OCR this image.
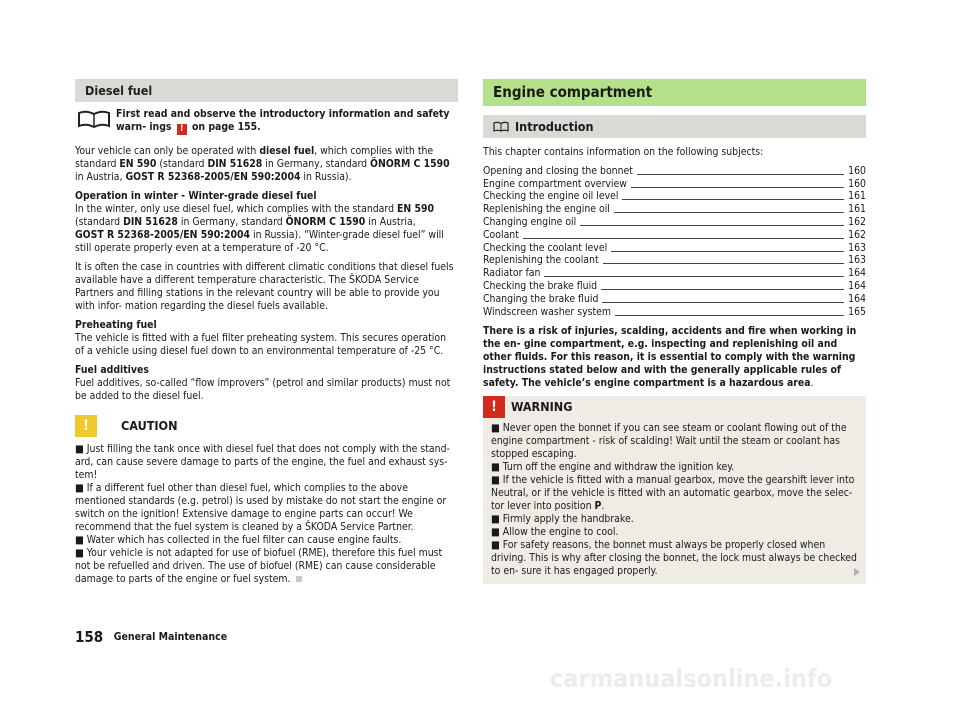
Diesel fuel
First read and observe the introductory information and safety warn- ings ! on page 155.

Your vehicle can only be operated with diesel fuel, which complies with the standard EN 590 (standard DIN 51628 in Germany, standard ÖNORM C 1590 in Austria, GOST R 52368-2005/EN 590:2004 in Russia).

Operation in winter - Winter-grade diesel fuel
In the winter, only use diesel fuel, which complies with the standard EN 590
(standard DIN 51628 in Germany, standard ÖNORM C 1590 in Austria,
GOST R 52368-2005/EN 590:2004 in Russia). “Winter-grade diesel fuel” will still operate properly even at a temperature of -20 °C.

It is often the case in countries with different climatic conditions that diesel fuels available have a different temperature characteristic. The ŠKODA Service Partners and filling stations in the relevant country will be able to provide you with infor- mation regarding the diesel fuels available.

Preheating fuel
The vehicle is fitted with a fuel filter preheating system. This secures operation of a vehicle using diesel fuel down to an environmental temperature of -25 °C.

Fuel additives
Fuel additives, so-called “flow improvers” (petrol and similar products) must not be added to the diesel fuel.

!	CAUTION
■ Just filling the tank once with diesel fuel that does not comply with the stand- ard, can cause severe damage to parts of the engine, the fuel and exhaust sys- tem!
■ If a different fuel other than diesel fuel, which complies to the above mentioned standards (e.g. petrol) is used by mistake do not start the engine or switch on the ignition! Extensive damage to engine parts can occur! We recommend that the fuel system is cleaned by a ŠKODA Service Partner.
■ Water which has collected in the fuel filter can cause engine faults.
■ Your vehicle is not adapted for use of biofuel (RME), therefore this fuel must not be refuelled and driven. The use of biofuel (RME) can cause considerable damage to parts of the engine or fuel system.
Engine compartment
Introduction

This chapter contains information on the following subjects:

Opening and closing the bonnet	160
Engine compartment overview	160
Checking the engine oil level	161
Replenishing the engine oil	161
Changing engine oil	162
Coolant	162
Checking the coolant level	163
Replenishing the coolant	163
Radiator fan	164
Checking the brake fluid	164
Changing the brake fluid	164
Windscreen washer system	165

There is a risk of injuries, scalding, accidents and fire when working in the en- gine compartment, e.g. inspecting and replenishing oil and other fluids. For this reason, it is essential to comply with the warning instructions stated below and with the generally applicable rules of safety. The vehicle’s engine compartment is a hazardous area.

!	WARNING
■ Never open the bonnet if you can see steam or coolant flowing out of the engine compartment - risk of scalding! Wait until the steam or coolant has stopped escaping.
■ Turn off the engine and withdraw the ignition key.
■ If the vehicle is fitted with a manual gearbox, move the gearshift lever into Neutral, or if the vehicle is fitted with an automatic gearbox, move the selec- tor lever into position P.
■ Firmly apply the handbrake.
■ Allow the engine to cool.
■ For safety reasons, the bonnet must always be properly closed when driving. This is why after closing the bonnet, the lock must always be checked to en- sure it has engaged properly.
158 General Maintenance
carmanualsonline.info
